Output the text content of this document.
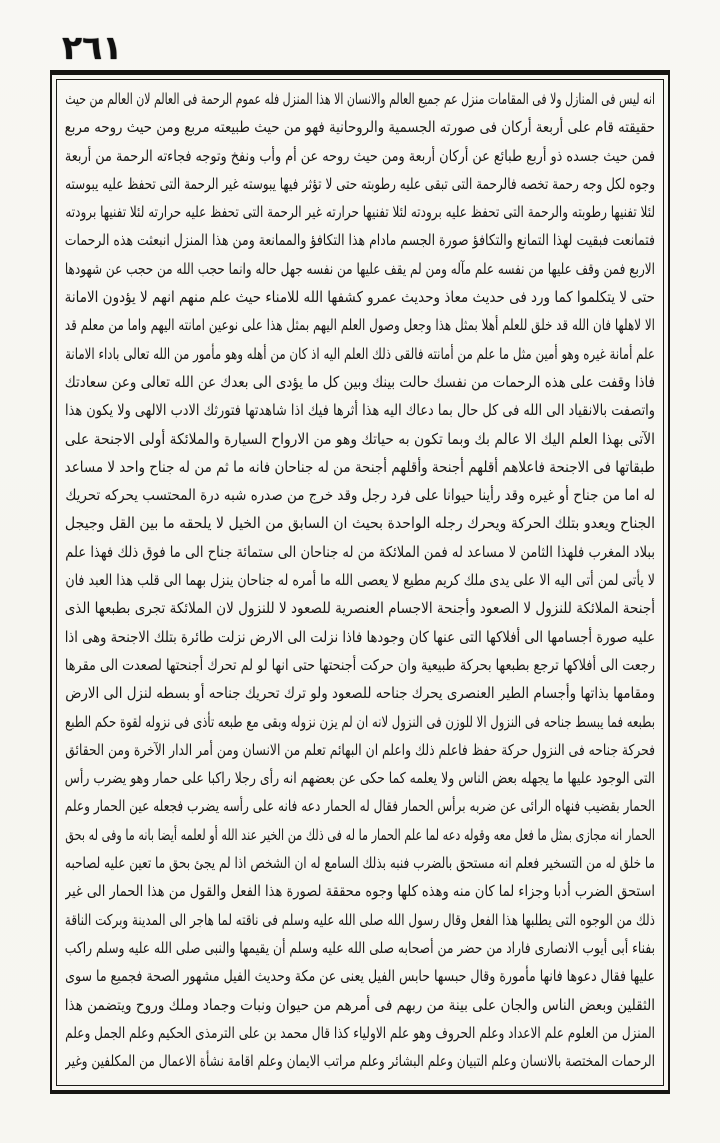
٢٦١

انه ليس فى المنازل ولا فى المقامات منزل عم جميع العالم والانسان الا هذا المنزل فله عموم الرحمة فى العالم لان العالم من حيث

حقيقته قام على أربعة أركان فى صورته الجسمية والروحانية فهو من حيث طبيعته مربع ومن حيث روحه مربع

فمن حيث جسده ذو أربع طبائع عن أركان أربعة ومن حيث روحه عن أم وأب ونفخ وتوجه فجاءته الرحمة من أربعة

وجوه لكل وجه رحمة تخصه فالرحمة التى تبقى عليه رطوبته حتى لا تؤثر فيها يبوسته غير الرحمة التى تحفظ عليه يبوسته

لئلا تفنيها رطوبته والرحمة التى تحفظ عليه برودته لئلا تفنيها حرارته غير الرحمة التى تحفظ عليه حرارته لئلا تفنيها برودته

فتمانعت فبقيت لهذا التمانع والتكافؤ صورة الجسم مادام هذا التكافؤ والممانعة ومن هذا المنزل انبعثت هذه الرحمات

الاربع فمن وقف عليها من نفسه علم مآله ومن لم يقف عليها من نفسه جهل حاله وانما حجب الله من حجب عن شهودها

حتى لا يتكلموا كما ورد فى حديث معاذ وحديث عمرو كشفها الله للامناء حيث علم منهم انهم لا يؤدون الامانة

الا لاهلها فان الله قد خلق للعلم أهلا بمثل هذا وجعل وصول العلم اليهم بمثل هذا على نوعين امانته اليهم واما من معلم قد

علم أمانة غيره وهو أمين مثل ما علم من أمانته فالقى ذلك العلم اليه اذ كان من أهله وهو مأمور من الله تعالى باداء الامانة

فاذا وقفت على هذه الرحمات من نفسك حالت بينك وبين كل ما يؤدى الى بعدك عن الله تعالى وعن سعادتك

واتصفت بالانقياد الى الله فى كل حال بما دعاك اليه هذا أثرها فيك اذا شاهدتها فتورثك الادب الالهى ولا يكون هذا

الآتى بهذا العلم اليك الا عالم بك وبما تكون به حياتك وهو من الارواح السيارة والملائكة أولى الاجنحة على

طبقاتها فى الاجنحة فاعلاهم أقلهم أجنحة وأقلهم أجنحة من له جناحان فانه ما ثم من له جناح واحد لا مساعد

له اما من جناح أو غيره وقد رأينا حيوانا على فرد رجل وقد خرج من صدره شبه درة المحتسب يحركه تحريك

الجناح ويعدو بتلك الحركة ويحرك رجله الواحدة بحيث ان السابق من الخيل لا يلحقه ما بين القل وجيجل

ببلاد المغرب فلهذا الثامن لا مساعد له فمن الملائكة من له جناحان الى ستمائة جناح الى ما فوق ذلك فهذا علم

لا يأتى لمن أتى اليه الا على يدى ملك كريم مطيع لا يعصى الله ما أمره له جناحان ينزل بهما الى قلب هذا العبد فان

أجنحة الملائكة للنزول لا الصعود وأجنحة الاجسام العنصرية للصعود لا للنزول لان الملائكة تجرى بطبعها الذى

عليه صورة أجسامها الى أفلاكها التى عنها كان وجودها فاذا نزلت الى الارض نزلت طائرة بتلك الاجنحة وهى اذا

رجعت الى أفلاكها ترجع بطبعها بحركة طبيعية وان حركت أجنحتها حتى انها لو لم تحرك أجنحتها لصعدت الى مقرها

ومقامها بذاتها وأجسام الطير العنصرى يحرك جناحه للصعود ولو ترك تحريك جناحه أو بسطه لنزل الى الارض

بطبعه فما يبسط جناحه فى النزول الا للوزن فى النزول لانه ان لم يزن نزوله وبقى مع طبعه تأذى فى نزوله لقوة حكم الطبع

فحركة جناحه فى النزول حركة حفظ فاعلم ذلك واعلم ان البهائم تعلم من الانسان ومن أمر الدار الآخرة ومن الحقائق

التى الوجود عليها ما يجهله بعض الناس ولا يعلمه كما حكى عن بعضهم انه رأى رجلا راكبا على حمار وهو يضرب رأس

الحمار بقضيب فنهاه الرائى عن ضربه برأس الحمار فقال له الحمار دعه فانه على رأسه يضرب فجعله عين الحمار وعلم

الحمار انه مجازى بمثل ما فعل معه وقوله دعه لما علم الحمار ما له فى ذلك من الخير عند الله أو لعلمه أيضا بانه ما وفى له بحق

ما خلق له من التسخير فعلم انه مستحق بالضرب فنبه بذلك السامع له ان الشخص اذا لم يجئ بحق ما تعين عليه لصاحبه

استحق الضرب أدبا وجزاء لما كان منه وهذه كلها وجوه محققة لصورة هذا الفعل والقول من هذا الحمار الى غير

ذلك من الوجوه التى يطلبها هذا الفعل وقال رسول الله صلى الله عليه وسلم فى ناقته لما هاجر الى المدينة وبركت الناقة

بفناء أبى أيوب الانصارى فاراد من حضر من أصحابه صلى الله عليه وسلم أن يقيمها والنبى صلى الله عليه وسلم راكب

عليها فقال دعوها فانها مأمورة وقال حبسها حابس الفيل يعنى عن مكة وحديث الفيل مشهور الصحة فجميع ما سوى

الثقلين وبعض الناس والجان على بينة من ربهم فى أمرهم من حيوان ونبات وجماد وملك وروح ويتضمن هذا

المنزل من العلوم علم الاعداد وعلم الحروف وهو علم الاولياء كذا قال محمد بن على الترمذى الحكيم وعلم الجمل وعلم

الرحمات المختصة بالانسان وعلم التبيان وعلم البشائر وعلم مراتب الايمان وعلم اقامة نشأة الاعمال من المكلفين وغير
